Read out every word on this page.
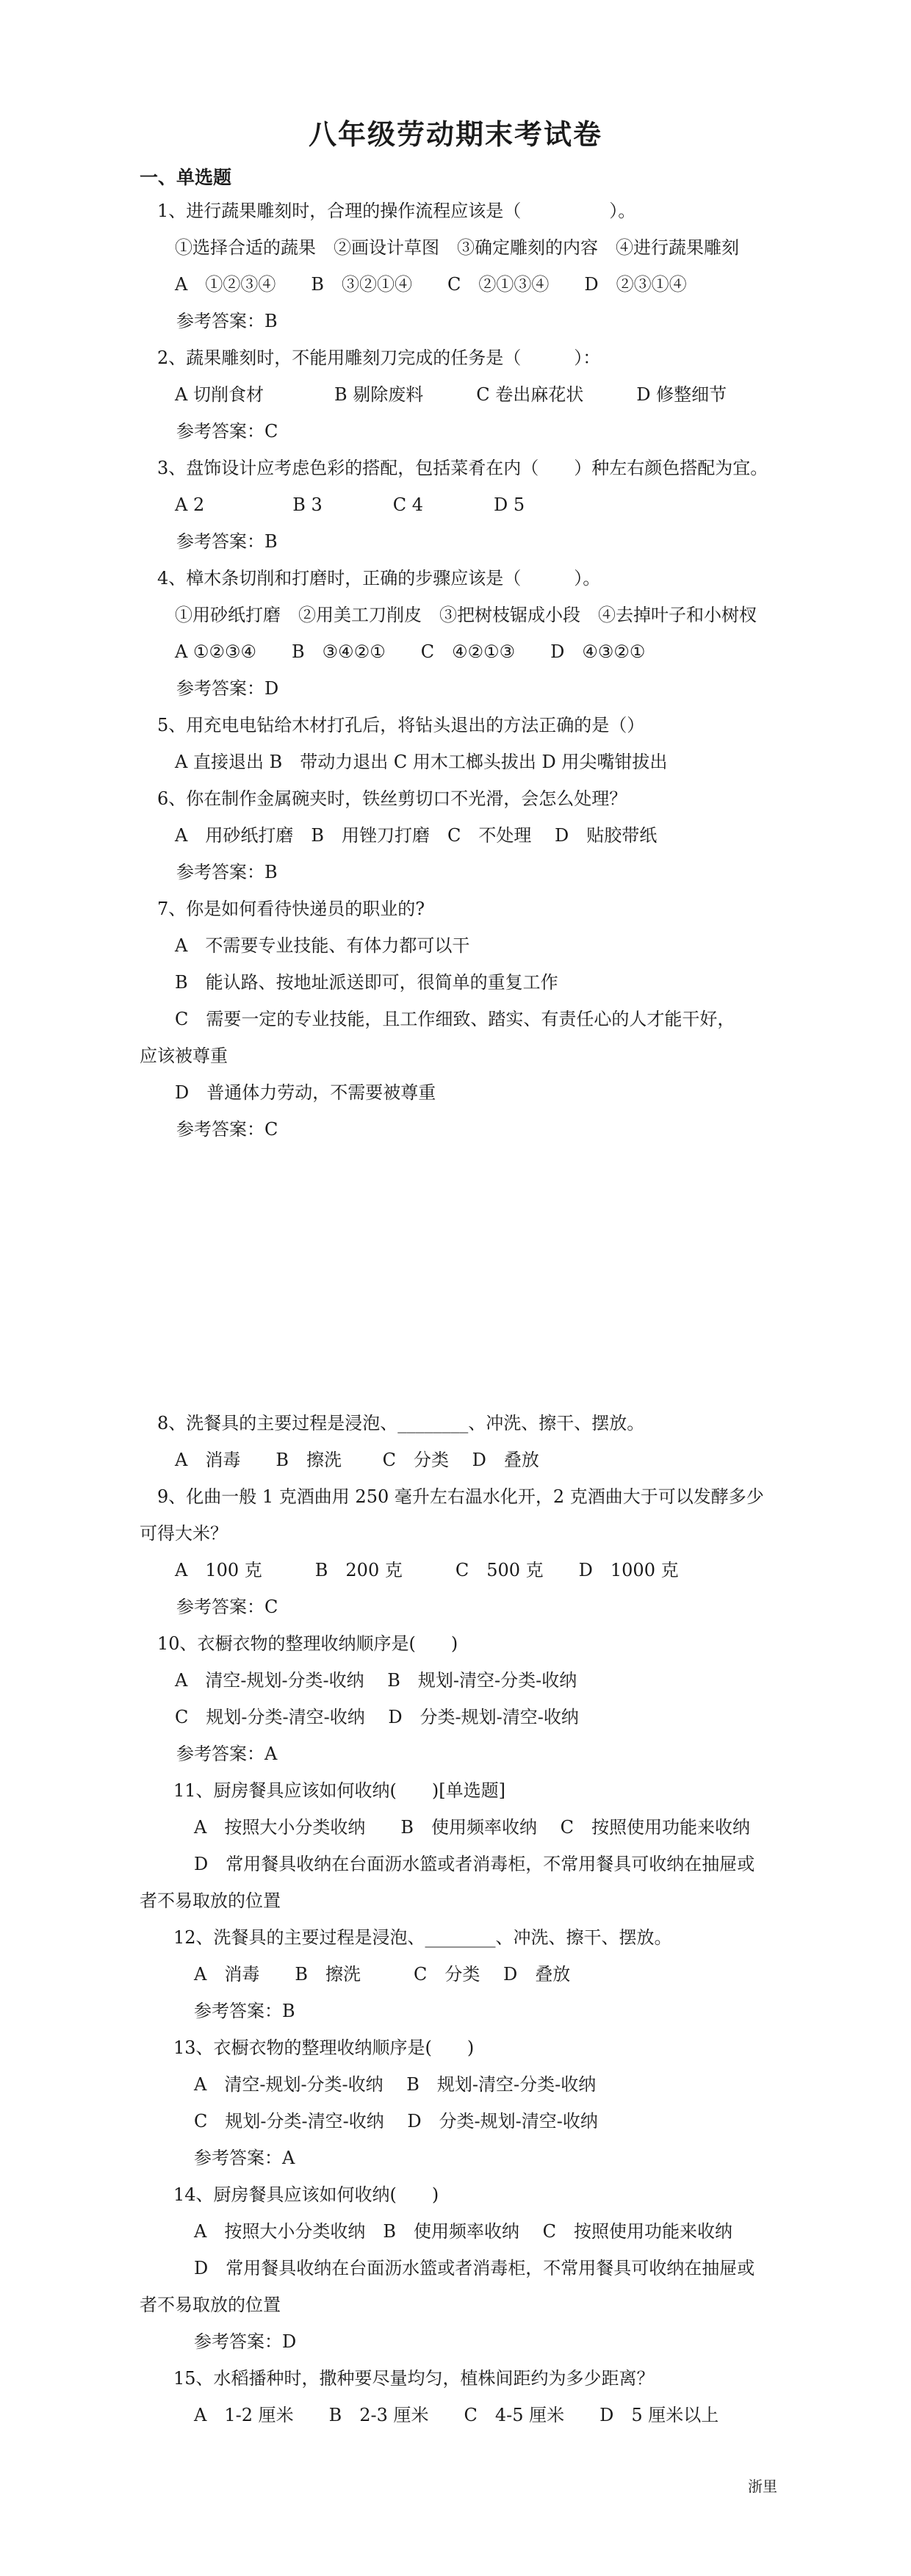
八年级劳动期末考试卷
一、单选题

1、进行蔬果雕刻时，合理的操作流程应该是（　　　　　）。

①选择合适的蔬果　②画设计草图　③确定雕刻的内容　④进行蔬果雕刻

A　①②③④　　B　③②①④　　C　②①③④　　D　②③①④

参考答案：B

2、蔬果雕刻时，不能用雕刻刀完成的任务是（　　　）：

A 切削食材　　　　B 剔除废料　　　C 卷出麻花状　　　D 修整细节

参考答案：C

3、盘饰设计应考虑色彩的搭配，包括菜肴在内（　　）种左右颜色搭配为宜。

A 2　　　　　B 3　　　　C 4　　　　D 5

参考答案：B

4、樟木条切削和打磨时，正确的步骤应该是（　　　）。

①用砂纸打磨　②用美工刀削皮　③把树枝锯成小段　④去掉叶子和小树杈

A ①②③④　　B　③④②①　　C　④②①③　　D　④③②①

参考答案：D

5、用充电电钻给木材打孔后，将钻头退出的方法正确的是（）

A 直接退出 B　带动力退出 C 用木工榔头拔出 D 用尖嘴钳拔出

6、你在制作金属碗夹时，铁丝剪切口不光滑，会怎么处理？

A　用砂纸打磨　B　用锉刀打磨　C　不处理　 D　贴胶带纸

参考答案：B

7、你是如何看待快递员的职业的?

A　不需要专业技能、有体力都可以干

B　能认路、按地址派送即可，很简单的重复工作

C　需要一定的专业技能，且工作细致、踏实、有责任心的人才能干好，

应该被尊重

D　普通体力劳动，不需要被尊重

参考答案：C

8、洗餐具的主要过程是浸泡、________、冲洗、擦干、摆放。

A　消毒　　B　擦洗　　 C　分类　 D　叠放

9、化曲一般 1 克酒曲用 250 毫升左右温水化开，2 克酒曲大于可以发酵多少

可得大米？

A　100 克　　　B　200 克　　　C　500 克　　D　1000 克

参考答案：C

10、衣橱衣物的整理收纳顺序是(　　)

A　清空-规划-分类-收纳　 B　规划-清空-分类-收纳

C　规划-分类-清空-收纳　 D　分类-规划-清空-收纳

参考答案：A

11、厨房餐具应该如何收纳(　　)[单选题]

A　按照大小分类收纳　　B　使用频率收纳　 C　按照使用功能来收纳

D　常用餐具收纳在台面沥水篮或者消毒柜，不常用餐具可收纳在抽屉或

者不易取放的位置

12、洗餐具的主要过程是浸泡、________、冲洗、擦干、摆放。

A　消毒　　B　擦洗　　　C　分类　 D　叠放

参考答案：B

13、衣橱衣物的整理收纳顺序是(　　)

A　清空-规划-分类-收纳　 B　规划-清空-分类-收纳

C　规划-分类-清空-收纳　 D　分类-规划-清空-收纳

参考答案：A

14、厨房餐具应该如何收纳(　　)

A　按照大小分类收纳　B　使用频率收纳　 C　按照使用功能来收纳

D　常用餐具收纳在台面沥水篮或者消毒柜，不常用餐具可收纳在抽屉或

者不易取放的位置

参考答案：D

15、水稻播种时，撒种要尽量均匀，植株间距约为多少距离？

A　1-2 厘米　　B　2-3 厘米　　C　4-5 厘米　　D　5 厘米以上

浙里
